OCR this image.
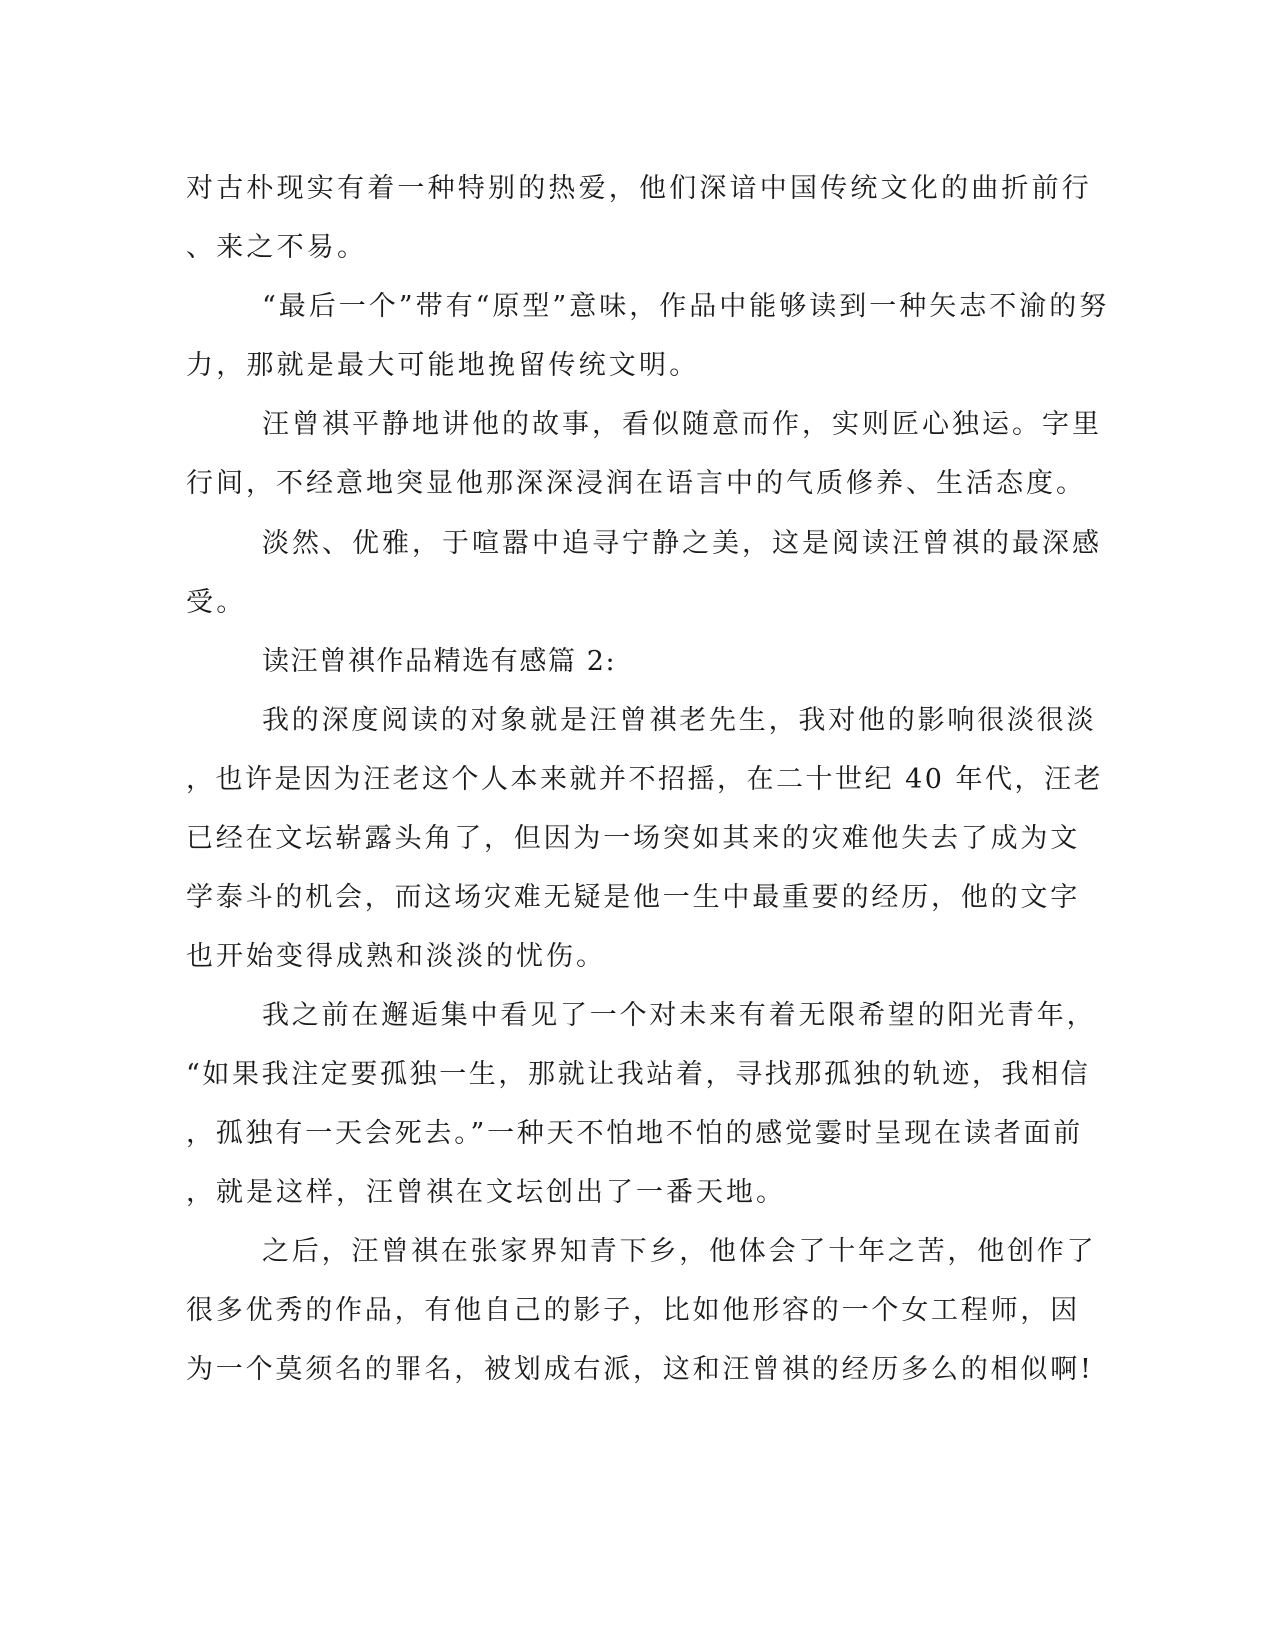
对古朴现实有着一种特别的热爱，他们深谙中国传统文化的曲折前行
、来之不易。
“最后一个”带有“原型”意味，作品中能够读到一种矢志不渝的努
力，那就是最大可能地挽留传统文明。
汪曾祺平静地讲他的故事，看似随意而作，实则匠心独运。字里
行间，不经意地突显他那深深浸润在语言中的气质修养、生活态度。
淡然、优雅，于喧嚣中追寻宁静之美，这是阅读汪曾祺的最深感
受。
读汪曾祺作品精选有感篇 2:
我的深度阅读的对象就是汪曾祺老先生，我对他的影响很淡很淡
，也许是因为汪老这个人本来就并不招摇，在二十世纪 40 年代，汪老
已经在文坛崭露头角了，但因为一场突如其来的灾难他失去了成为文
学泰斗的机会，而这场灾难无疑是他一生中最重要的经历，他的文字
也开始变得成熟和淡淡的忧伤。
我之前在邂逅集中看见了一个对未来有着无限希望的阳光青年，
“如果我注定要孤独一生，那就让我站着，寻找那孤独的轨迹，我相信
，孤独有一天会死去。”一种天不怕地不怕的感觉霎时呈现在读者面前
，就是这样，汪曾祺在文坛创出了一番天地。
之后，汪曾祺在张家界知青下乡，他体会了十年之苦，他创作了
很多优秀的作品，有他自己的影子，比如他形容的一个女工程师，因
为一个莫须名的罪名，被划成右派，这和汪曾祺的经历多么的相似啊!
